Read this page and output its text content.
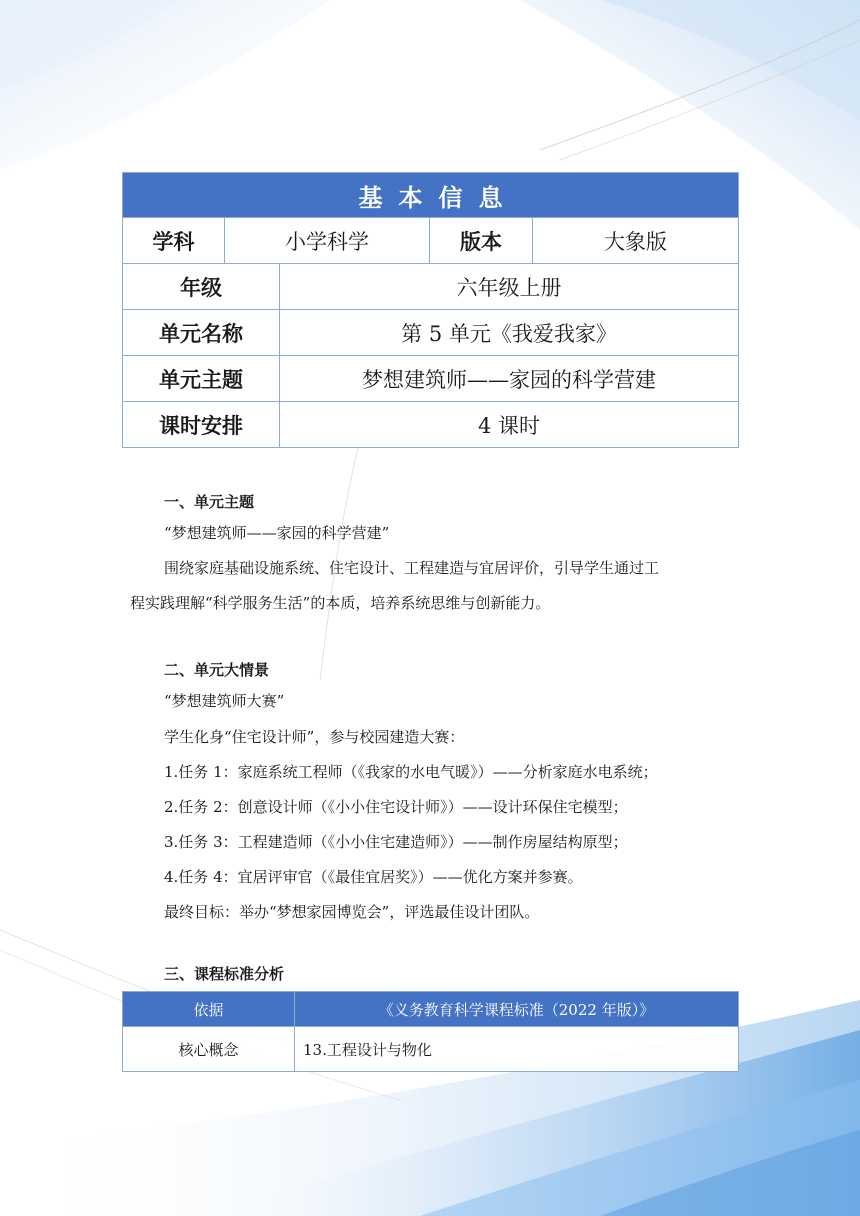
基本信息				
学科	小学科学		版本	大象版
年级		六年级上册		
单元名称		第 5 单元《我爱我家》		
单元主题		梦想建筑师——家园的科学营建		
课时安排		4 课时		

一、单元主题

“梦想建筑师——家园的科学营建”

围绕家庭基础设施系统、住宅设计、工程建造与宜居评价，引导学生通过工

程实践理解“科学服务生活”的本质，培养系统思维与创新能力。

二、单元大情景

“梦想建筑师大赛”

学生化身“住宅设计师”，参与校园建造大赛：

1.任务 1：家庭系统工程师（《我家的水电气暖》）——分析家庭水电系统；

2.任务 2：创意设计师（《小小住宅设计师》）——设计环保住宅模型；

3.任务 3：工程建造师（《小小住宅建造师》）——制作房屋结构原型；

4.任务 4：宜居评审官（《最佳宜居奖》）——优化方案并参赛。

最终目标：举办“梦想家园博览会”，评选最佳设计团队。

三、课程标准分析

依据	《义务教育科学课程标准（2022 年版）》
核心概念	13.工程设计与物化
